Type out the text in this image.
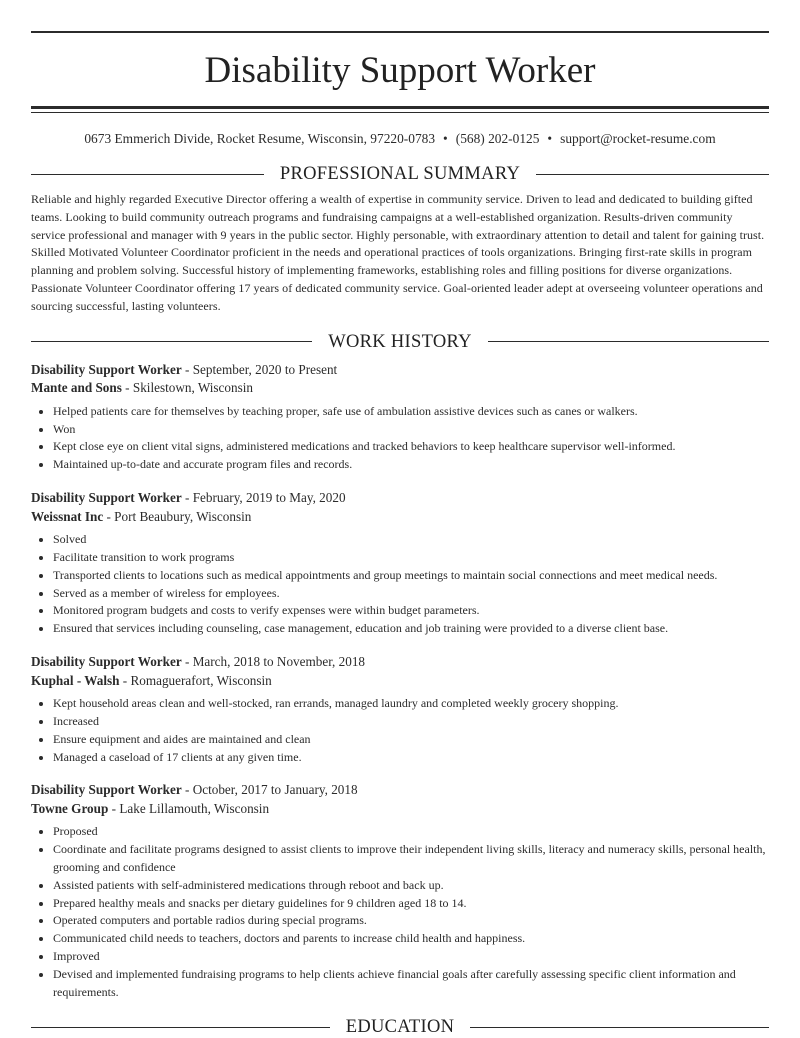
Disability Support Worker
0673 Emmerich Divide, Rocket Resume, Wisconsin, 97220-0783 • (568) 202-0125 • support@rocket-resume.com
PROFESSIONAL SUMMARY

Reliable and highly regarded Executive Director offering a wealth of expertise in community service. Driven to lead and dedicated to building gifted teams. Looking to build community outreach programs and fundraising campaigns at a well-established organization. Results-driven community service professional and manager with 9 years in the public sector. Highly personable, with extraordinary attention to detail and talent for gaining trust. Skilled Motivated Volunteer Coordinator proficient in the needs and operational practices of tools organizations. Bringing first-rate skills in program planning and problem solving. Successful history of implementing frameworks, establishing roles and filling positions for diverse organizations. Passionate Volunteer Coordinator offering 17 years of dedicated community service. Goal-oriented leader adept at overseeing volunteer operations and sourcing successful, lasting volunteers.

WORK HISTORY
Disability Support Worker - September, 2020 to Present
Mante and Sons - Skilestown, Wisconsin
• Helped patients care for themselves by teaching proper, safe use of ambulation assistive devices such as canes or walkers.
• Won
• Kept close eye on client vital signs, administered medications and tracked behaviors to keep healthcare supervisor well-informed.
• Maintained up-to-date and accurate program files and records.
Disability Support Worker - February, 2019 to May, 2020
Weissnat Inc - Port Beaubury, Wisconsin
• Solved
• Facilitate transition to work programs
• Transported clients to locations such as medical appointments and group meetings to maintain social connections and meet medical needs.
• Served as a member of wireless for employees.
• Monitored program budgets and costs to verify expenses were within budget parameters.
• Ensured that services including counseling, case management, education and job training were provided to a diverse client base.
Disability Support Worker - March, 2018 to November, 2018
Kuphal - Walsh - Romaguerafort, Wisconsin
• Kept household areas clean and well-stocked, ran errands, managed laundry and completed weekly grocery shopping.
• Increased
• Ensure equipment and aides are maintained and clean
• Managed a caseload of 17 clients at any given time.
Disability Support Worker - October, 2017 to January, 2018
Towne Group - Lake Lillamouth, Wisconsin
• Proposed
• Coordinate and facilitate programs designed to assist clients to improve their independent living skills, literacy and numeracy skills, personal health, grooming and confidence
• Assisted patients with self-administered medications through reboot and back up.
• Prepared healthy meals and snacks per dietary guidelines for 9 children aged 18 to 14.
• Operated computers and portable radios during special programs.
• Communicated child needs to teachers, doctors and parents to increase child health and happiness.
• Improved
• Devised and implemented fundraising programs to help clients achieve financial goals after carefully assessing specific client information and requirements.
EDUCATION
